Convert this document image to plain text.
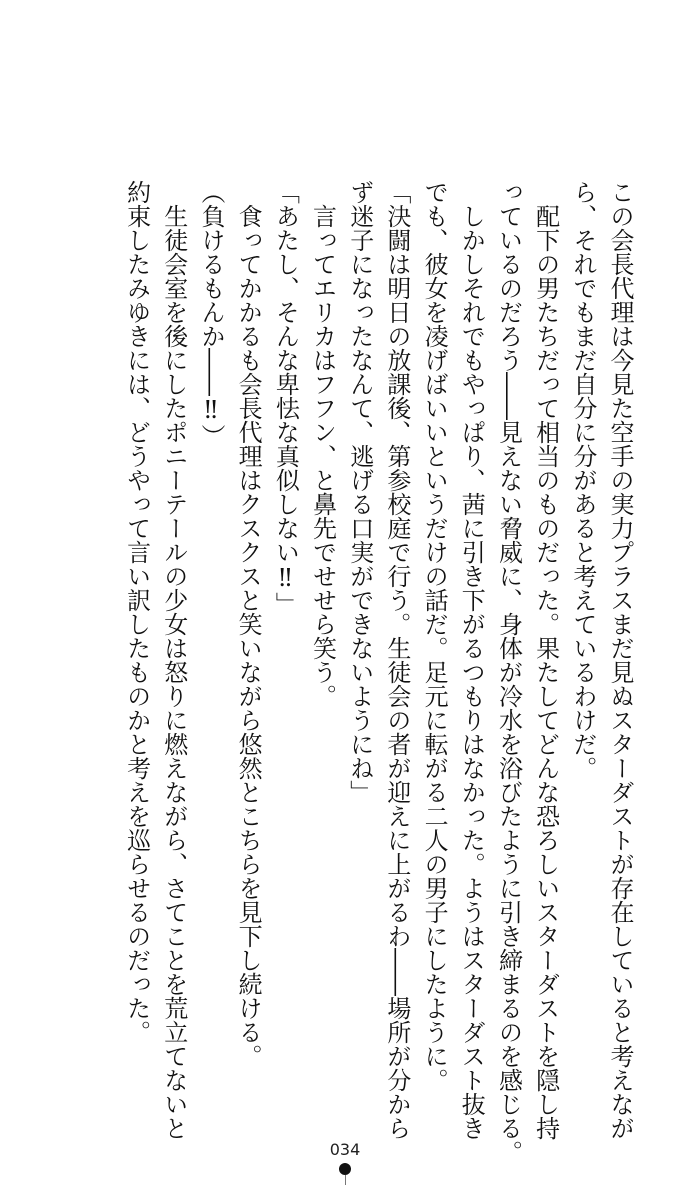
この会長代理は今見た空手の実力プラスまだ見ぬスターダストが存在していると考えなが

ら、それでもまだ自分に分があると考えているわけだ。

　配下の男たちだって相当のものだった。果たしてどんな恐ろしいスターダストを隠し持

っているのだろう――見えない脅威に、身体が冷水を浴びたように引き締まるのを感じる。

　しかしそれでもやっぱり、茜に引き下がるつもりはなかった。ようはスターダスト抜き

でも、彼女を凌げばいいというだけの話だ。足元に転がる二人の男子にしたように。

「決闘は明日の放課後、第参校庭で行う。生徒会の者が迎えに上がるわ――場所が分から

ず迷子になったなんて、逃げる口実ができないようにね」

　言ってエリカはフフン、と鼻先でせせら笑う。

「あたし、そんな卑怯な真似しない‼」

　食ってかかるも会長代理はクスクスと笑いながら悠然とこちらを見下し続ける。

（負けるもんか――‼）

　生徒会室を後にしたポニーテールの少女は怒りに燃えながら、さてことを荒立てないと

約束したみゆきには、どうやって言い訳したものかと考えを巡らせるのだった。

034
